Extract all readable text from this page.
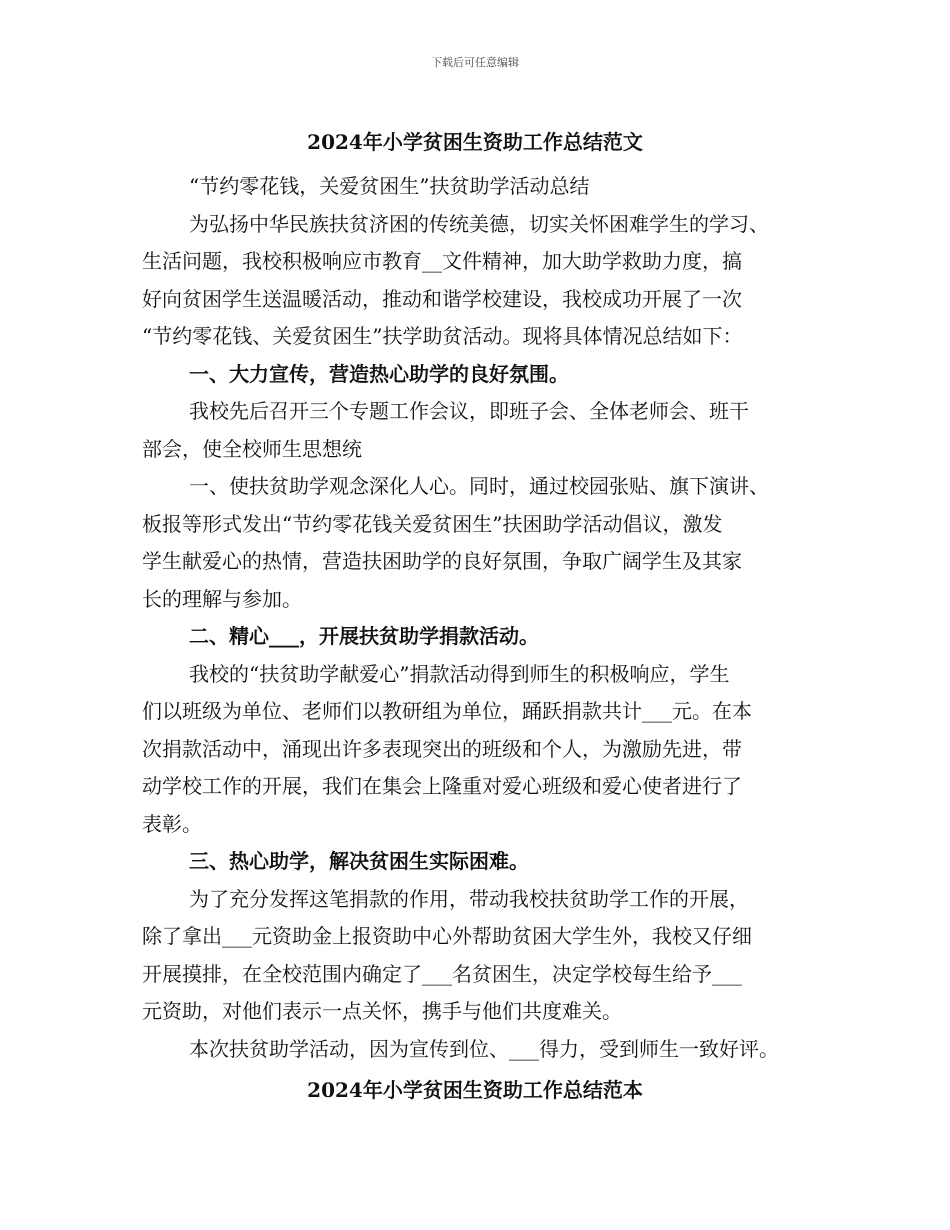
下载后可任意编辑
2024年小学贫困生资助工作总结范文
“节约零花钱，关爱贫困生”扶贫助学活动总结
为弘扬中华民族扶贫济困的传统美德，切实关怀困难学生的学习、
生活问题，我校积极响应市教育__文件精神，加大助学救助力度，搞
好向贫困学生送温暖活动，推动和谐学校建设，我校成功开展了一次
“节约零花钱、关爱贫困生”扶学助贫活动。现将具体情况总结如下：
一、大力宣传，营造热心助学的良好氛围。
我校先后召开三个专题工作会议，即班子会、全体老师会、班干
部会，使全校师生思想统
一、使扶贫助学观念深化人心。同时，通过校园张贴、旗下演讲、
板报等形式发出“节约零花钱关爱贫困生”扶困助学活动倡议，激发
学生献爱心的热情，营造扶困助学的良好氛围，争取广阔学生及其家
长的理解与参加。
二、精心___，开展扶贫助学捐款活动。
我校的“扶贫助学献爱心”捐款活动得到师生的积极响应，学生
们以班级为单位、老师们以教研组为单位，踊跃捐款共计___元。在本
次捐款活动中，涌现出许多表现突出的班级和个人，为激励先进，带
动学校工作的开展，我们在集会上隆重对爱心班级和爱心使者进行了
表彰。
三、热心助学，解决贫困生实际困难。
为了充分发挥这笔捐款的作用，带动我校扶贫助学工作的开展，
除了拿出___元资助金上报资助中心外帮助贫困大学生外，我校又仔细
开展摸排，在全校范围内确定了___名贫困生，决定学校每生给予___
元资助，对他们表示一点关怀，携手与他们共度难关。
本次扶贫助学活动，因为宣传到位、___得力，受到师生一致好评。
2024年小学贫困生资助工作总结范本
